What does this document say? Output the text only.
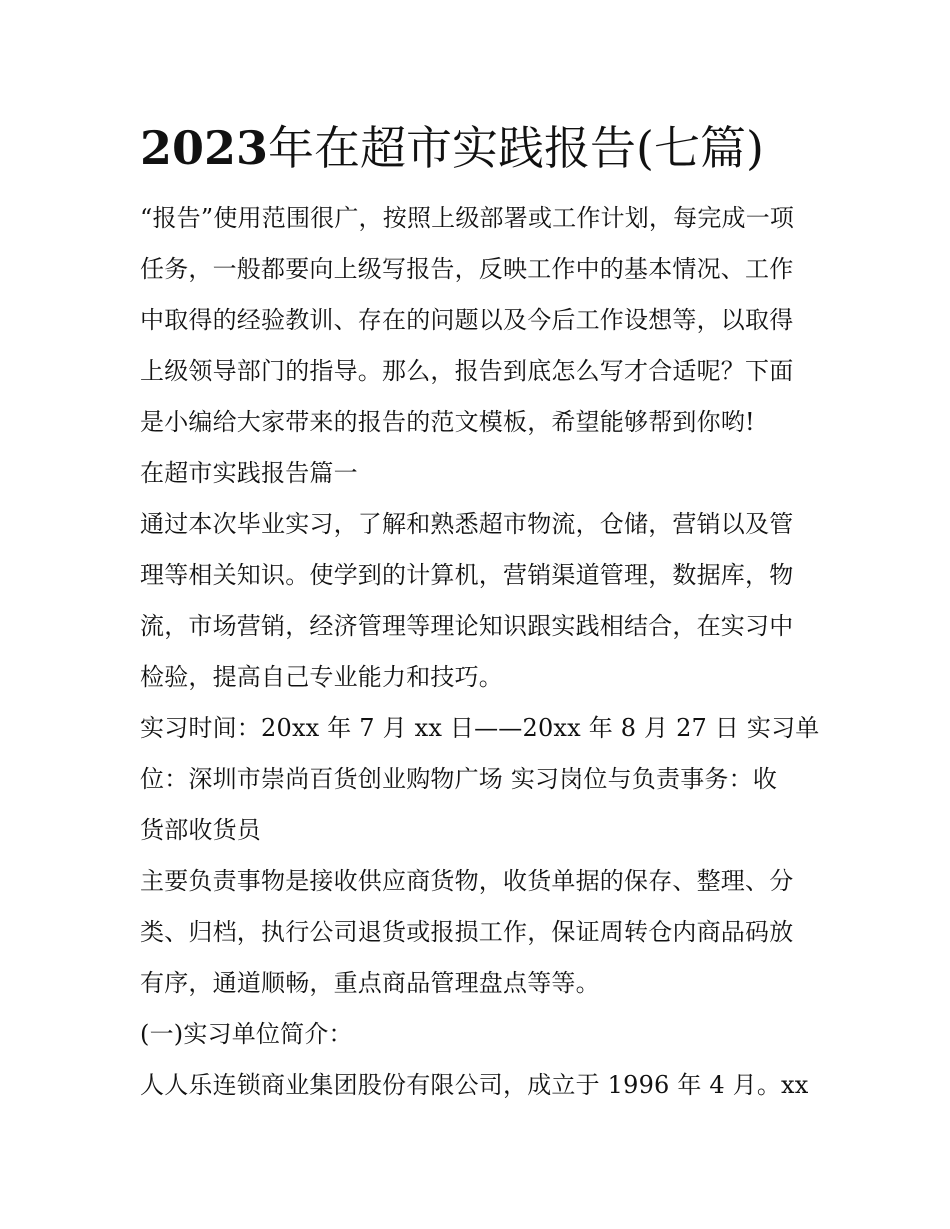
2023年在超市实践报告(七篇)
“报告”使用范围很广，按照上级部署或工作计划，每完成一项
任务，一般都要向上级写报告，反映工作中的基本情况、工作
中取得的经验教训、存在的问题以及今后工作设想等，以取得
上级领导部门的指导。那么，报告到底怎么写才合适呢？下面
是小编给大家带来的报告的范文模板，希望能够帮到你哟!
在超市实践报告篇一
通过本次毕业实习，了解和熟悉超市物流，仓储，营销以及管
理等相关知识。使学到的计算机，营销渠道管理，数据库，物
流，市场营销，经济管理等理论知识跟实践相结合，在实习中
检验，提高自己专业能力和技巧。
实习时间：20xx 年 7 月 xx 日——20xx 年 8 月 27 日 实习单
位：深圳市崇尚百货创业购物广场 实习岗位与负责事务：收
货部收货员
主要负责事物是接收供应商货物，收货单据的保存、整理、分
类、归档，执行公司退货或报损工作，保证周转仓内商品码放
有序，通道顺畅，重点商品管理盘点等等。
(一)实习单位简介：
人人乐连锁商业集团股份有限公司，成立于 1996 年 4 月。xx
